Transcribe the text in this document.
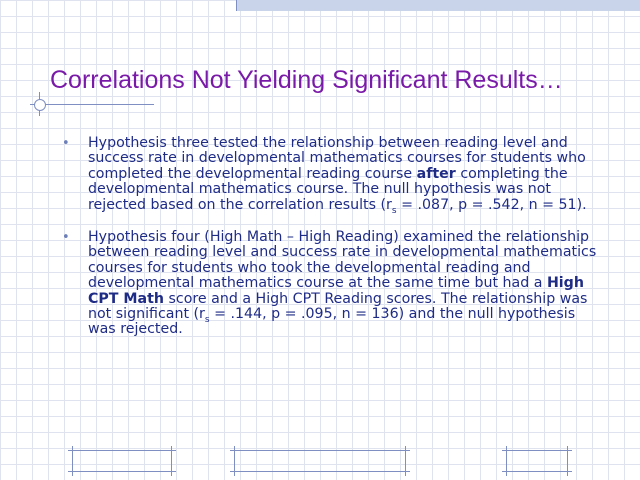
Correlations Not Yielding Significant Results…
• Hypothesis three tested the relationship between reading level and success rate in developmental mathematics courses for students who completed the developmental reading course after completing the developmental mathematics course. The null hypothesis was not rejected based on the correlation results ($r_s = .087$, p = .542, n = 51).
• Hypothesis four (High Math – High Reading) examined the relationship between reading level and success rate in developmental mathematics courses for students who took the developmental reading and developmental mathematics course at the same time but had a High CPT Math score and a High CPT Reading scores. The relationship was not significant ($r_s = .144$, p = .095, n = 136) and the null hypothesis was rejected.
